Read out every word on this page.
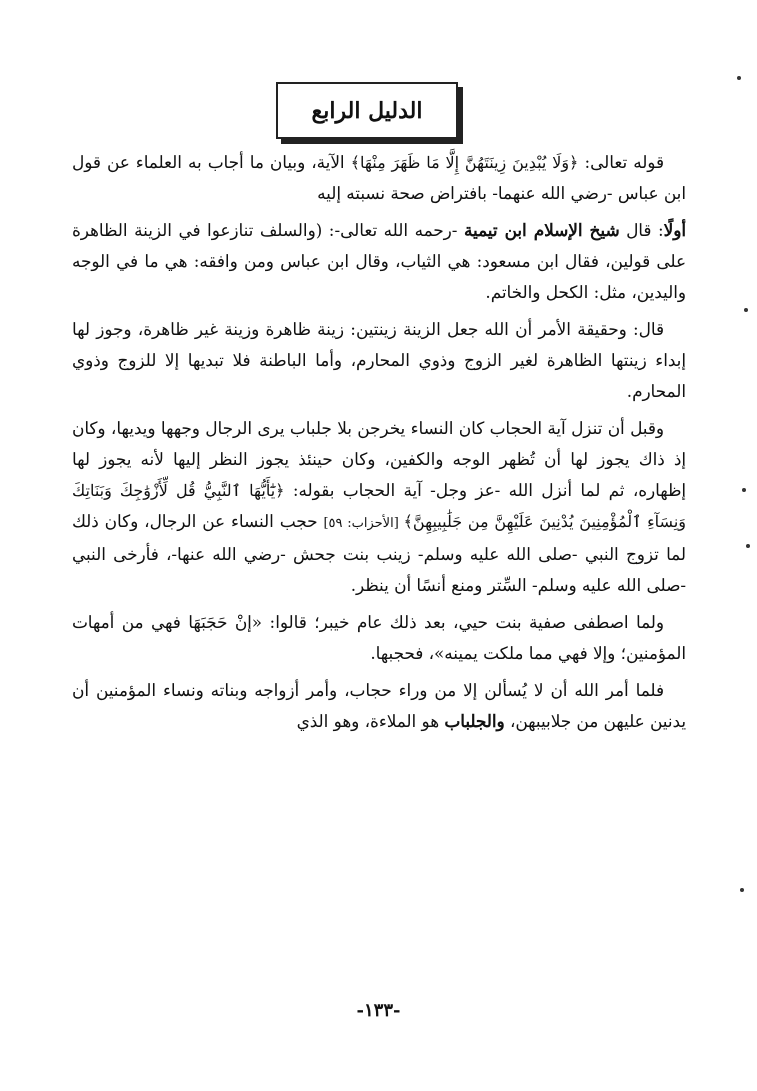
الدليل الرابع

قوله تعالى: ﴿وَلَا يُبْدِينَ زِينَتَهُنَّ إِلَّا مَا ظَهَرَ مِنْهَا﴾ الآية، وبيان ما أجاب به العلماء عن قول ابن عباس -رضي الله عنهما- بافتراض صحة نسبته إليه

أولًا: قال شيخ الإسلام ابن تيمية -رحمه الله تعالى-: (والسلف تنازعوا في الزينة الظاهرة على قولين، فقال ابن مسعود: هي الثياب، وقال ابن عباس ومن وافقه: هي ما في الوجه واليدين، مثل: الكحل والخاتم.

قال: وحقيقة الأمر أن الله جعل الزينة زينتين: زينة ظاهرة وزينة غير ظاهرة، وجوز لها إبداء زينتها الظاهرة لغير الزوج وذوي المحارم، وأما الباطنة فلا تبديها إلا للزوج وذوي المحارم.

وقبل أن تنزل آية الحجاب كان النساء يخرجن بلا جلباب يرى الرجال وجهها ويديها، وكان إذ ذاك يجوز لها أن تُظهر الوجه والكفين، وكان حينئذ يجوز النظر إليها لأنه يجوز لها إظهاره، ثم لما أنزل الله -عز وجل- آية الحجاب بقوله: ﴿يَٰٓأَيُّهَا ٱلنَّبِيُّ قُل لِّأَزْوَٰجِكَ وَبَنَاتِكَ وَنِسَآءِ ٱلْمُؤْمِنِينَ يُدْنِينَ عَلَيْهِنَّ مِن جَلَٰبِيبِهِنَّ﴾ [الأحزاب: ٥٩] حجب النساء عن الرجال، وكان ذلك لما تزوج النبي -صلى الله عليه وسلم- زينب بنت جحش -رضي الله عنها-، فأرخى النبي -صلى الله عليه وسلم- السِّتر ومنع أنسًا أن ينظر.

ولما اصطفى صفية بنت حيي، بعد ذلك عام خيبر؛ قالوا: «إنْ حَجَبَهَا فهي من أمهات المؤمنين؛ وإلا فهي مما ملكت يمينه»، فحجبها.

فلما أمر الله أن لا يُسألن إلا من وراء حجاب، وأمر أزواجه وبناته ونساء المؤمنين أن يدنين عليهن من جلابيبهن، والجلباب هو الملاءة، وهو الذي

-١٣٣-
